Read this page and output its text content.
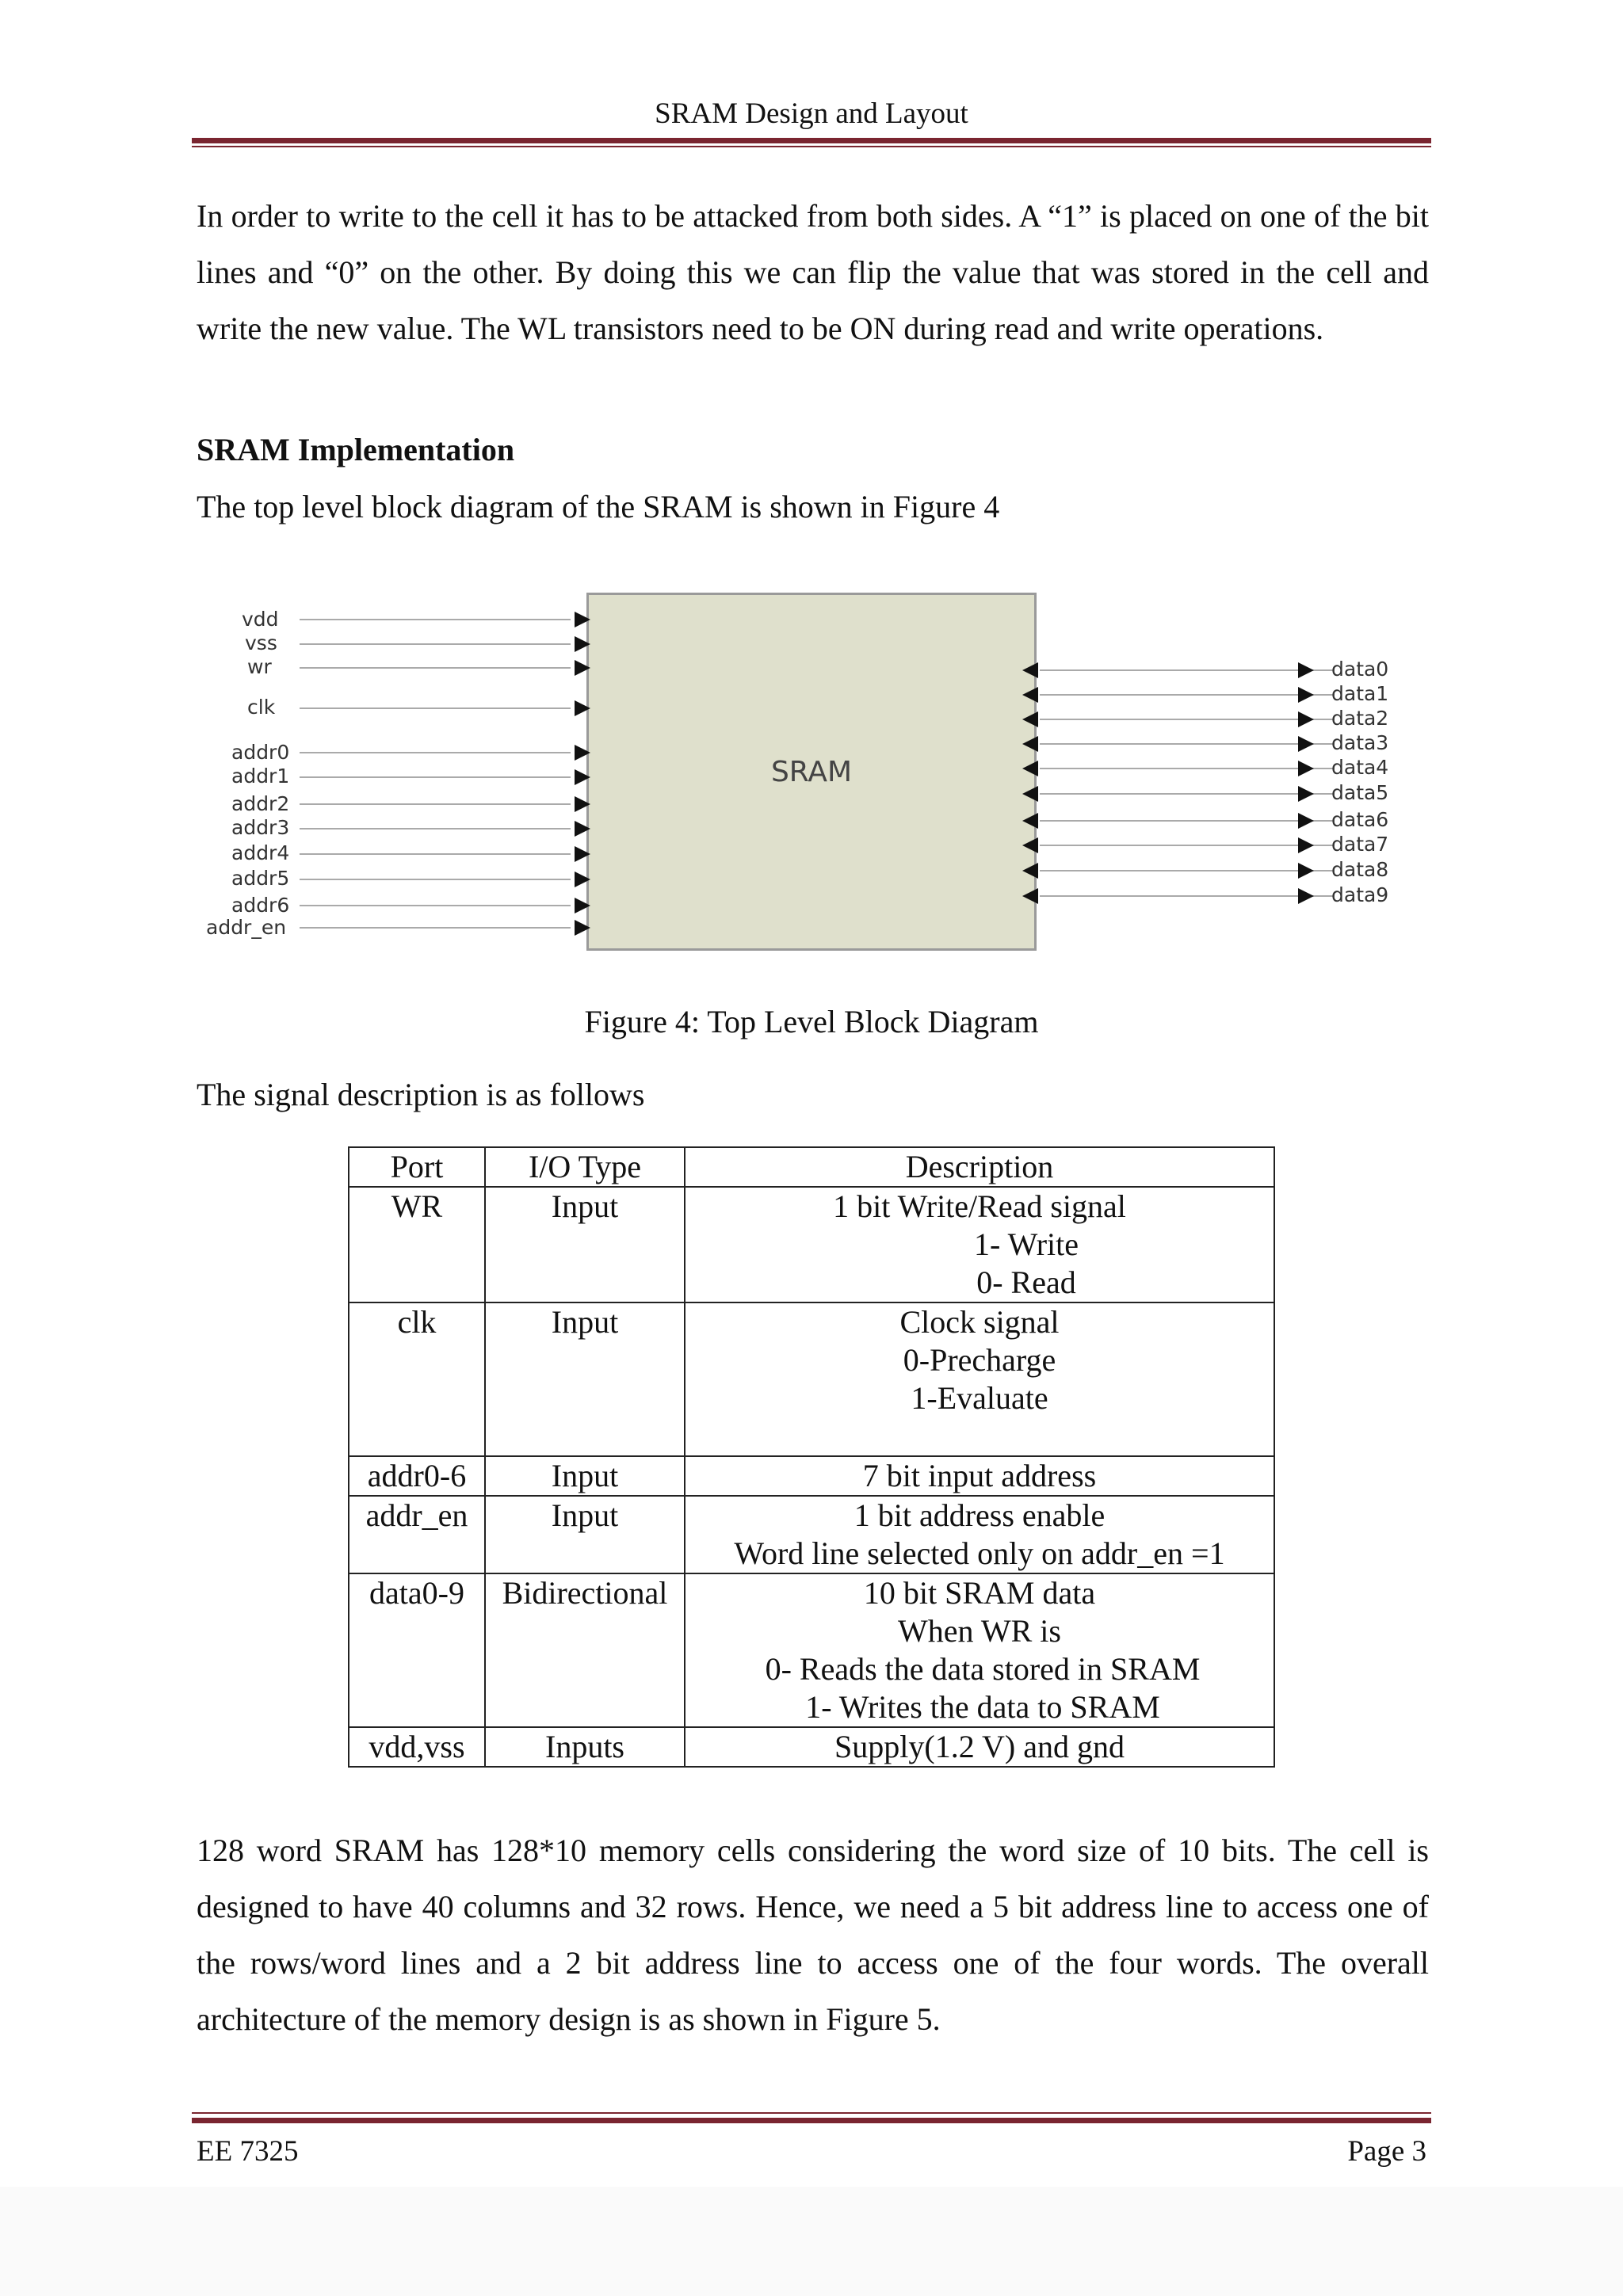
SRAM Design and Layout

In order to write to the cell it has to be attacked from both sides. A “1” is placed on one of the bit lines and “0” on the other. By doing this we can flip the value that was stored in the cell and write the new value. The WL transistors need to be ON during read and write operations.

SRAM Implementation

The top level block diagram of the SRAM is shown in Figure 4

SRAM
vdd
vss
wr
clk
addr0
addr1
addr2
addr3
addr4
addr5
addr6
addr_en
data0
data1
data2
data3
data4
data5
data6
data7
data8
data9
Figure 4: Top Level Block Diagram

The signal description is as follows

Port	I/O Type	Description
WR	Input	1 bit Write/Read signal
1- Write
0- Read

clk	Input	Clock signal
0-Precharge
1-Evaluate

addr0-6	Input	7 bit input address

addr_en	Input	1 bit address enable
Word line selected only on addr_en =1

data0-9	Bidirectional	10 bit SRAM data
When WR is
0- Reads the data stored in SRAM
1- Writes the data to SRAM

vdd,vss	Inputs	Supply(1.2 V) and gnd

128 word SRAM has 128*10 memory cells considering the word size of 10 bits. The cell is designed to have 40 columns and 32 rows. Hence, we need a 5 bit address line to access one of the rows/word lines and a 2 bit address line to access one of the four words. The overall architecture of the memory design is as shown in Figure 5.

EE 7325	Page 3
